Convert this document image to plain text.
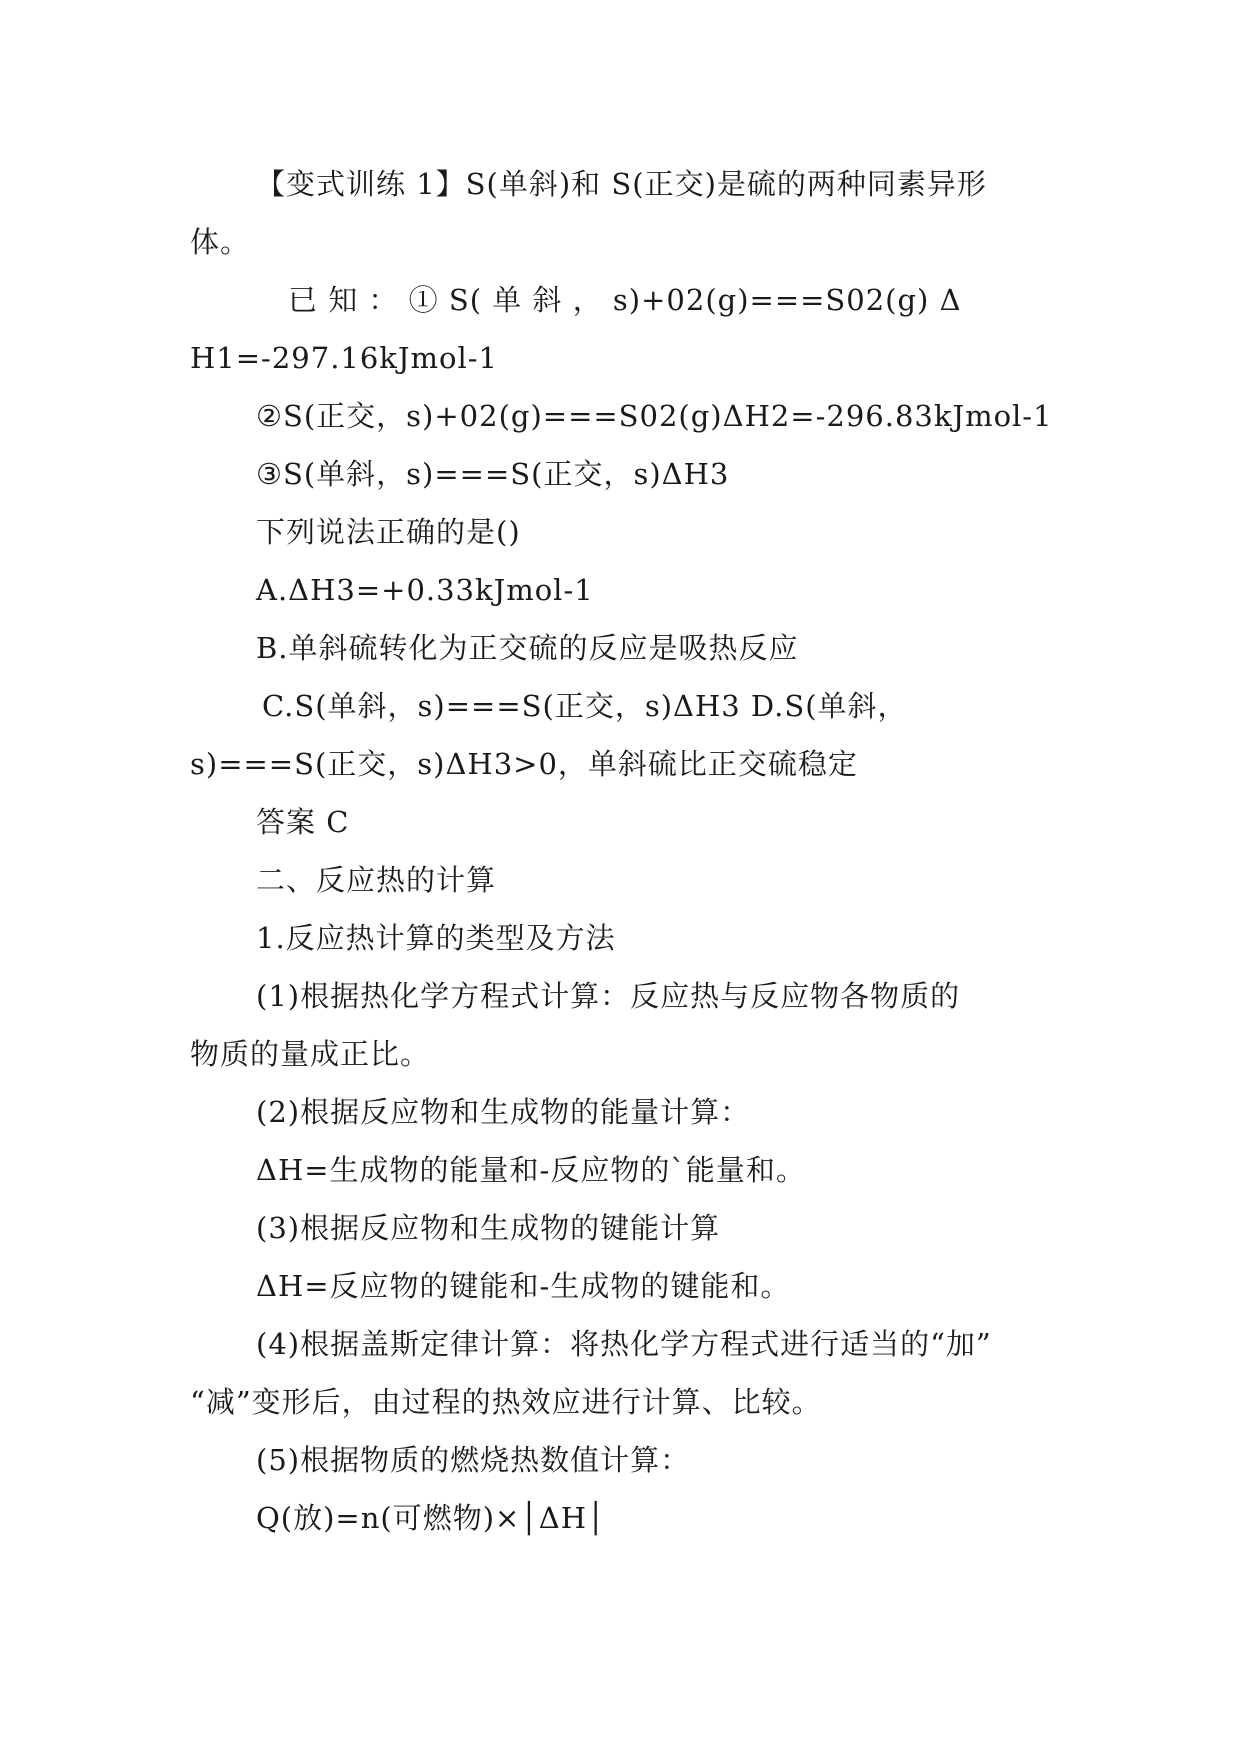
【变式训练 1】S(单斜)和 S(正交)是硫的两种同素异形
体。
已 知 ： ① S( 单 斜 ， s)+02(g)===S02(g) Δ
H1=-297.16kJmol-1
②S(正交，s)+02(g)===S02(g)ΔH2=-296.83kJmol-1
③S(单斜，s)===S(正交，s)ΔH3
下列说法正确的是()
A.ΔH3=+0.33kJmol-1
B.单斜硫转化为正交硫的反应是吸热反应
C.S(单斜，s)===S(正交，s)ΔH3 D.S(单斜，
s)===S(正交，s)ΔH3>0，单斜硫比正交硫稳定
答案 C
二、反应热的计算
1.反应热计算的类型及方法
(1)根据热化学方程式计算：反应热与反应物各物质的
物质的量成正比。
(2)根据反应物和生成物的能量计算：
ΔH=生成物的能量和-反应物的`能量和。
(3)根据反应物和生成物的键能计算
ΔH=反应物的键能和-生成物的键能和。
(4)根据盖斯定律计算：将热化学方程式进行适当的“加”
“减”变形后，由过程的热效应进行计算、比较。
(5)根据物质的燃烧热数值计算：
Q(放)=n(可燃物)×│ΔH│
